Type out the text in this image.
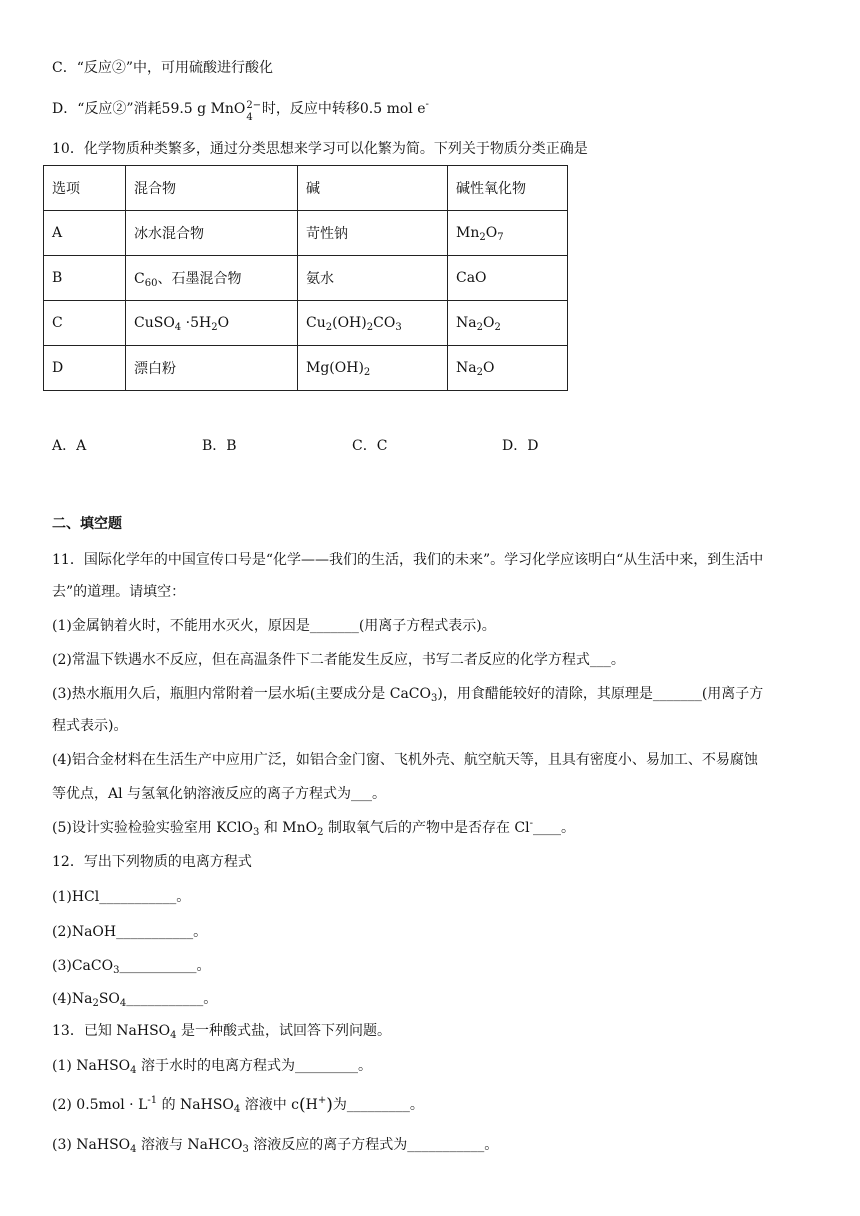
C．“反应②”中，可用硫酸进行酸化
D．“反应②”消耗59.5 g MnO 2−
4
时，反应中转移0.5 mol e-
10．化学物质种类繁多，通过分类思想来学习可以化繁为简。下列关于物质分类正确是
选项	混合物	碱	碱性氧化物
A	冰水混合物	苛性钠	$Mn_2O_7$
B	$C_{60}$、石墨混合物	氨水	CaO
C	CuSO$_4$ $\cdot 5H_2O$	$Cu_2(OH)_2CO_3$	$Na_2O_2$
D	漂白粉	$Mg(OH)_2$	$Na_2O$
A．A	B．B	C．C	D．D
二、填空题
11．国际化学年的中国宣传口号是“化学——我们的生活，我们的未来”。学习化学应该明白“从生活中来，到生活中
去”的道理。请填空：
(1)金属钠着火时，不能用水灭火，原因是_______(用离子方程式表示)。
(2)常温下铁遇水不反应，但在高温条件下二者能发生反应，书写二者反应的化学方程式___。
(3)热水瓶用久后，瓶胆内常附着一层水垢(主要成分是 CaCO$_3$)，用食醋能较好的清除，其原理是_______(用离子方
程式表示)。
(4)铝合金材料在生活生产中应用广泛，如铝合金门窗、飞机外壳、航空航天等，且具有密度小、易加工、不易腐蚀
等优点，Al 与氢氧化钠溶液反应的离子方程式为___。
(5)设计实验检验实验室用 KClO$_3$ 和 MnO$_2$ 制取氧气后的产物中是否存在 Cl-____。
12．写出下列物质的电离方程式
(1)HCl___________。
(2)NaOH___________。
(3)CaCO$_3$___________。
$(4)Na_2SO_4\_\_\_\_\_\_\_\_\_\_\_$。
13．已知 NaHSO$_4$ 是一种酸式盐，试回答下列问题。
(1) NaHSO$_4$ 溶于水时的电离方程式为_________。
(2) $0.5mol \cdot L^{-1}$ 的 NaHSO$_4$ 溶液中 c(H+)为_________。
(3) NaHSO$_4$ 溶液与 NaHCO$_3$ 溶液反应的离子方程式为___________。
